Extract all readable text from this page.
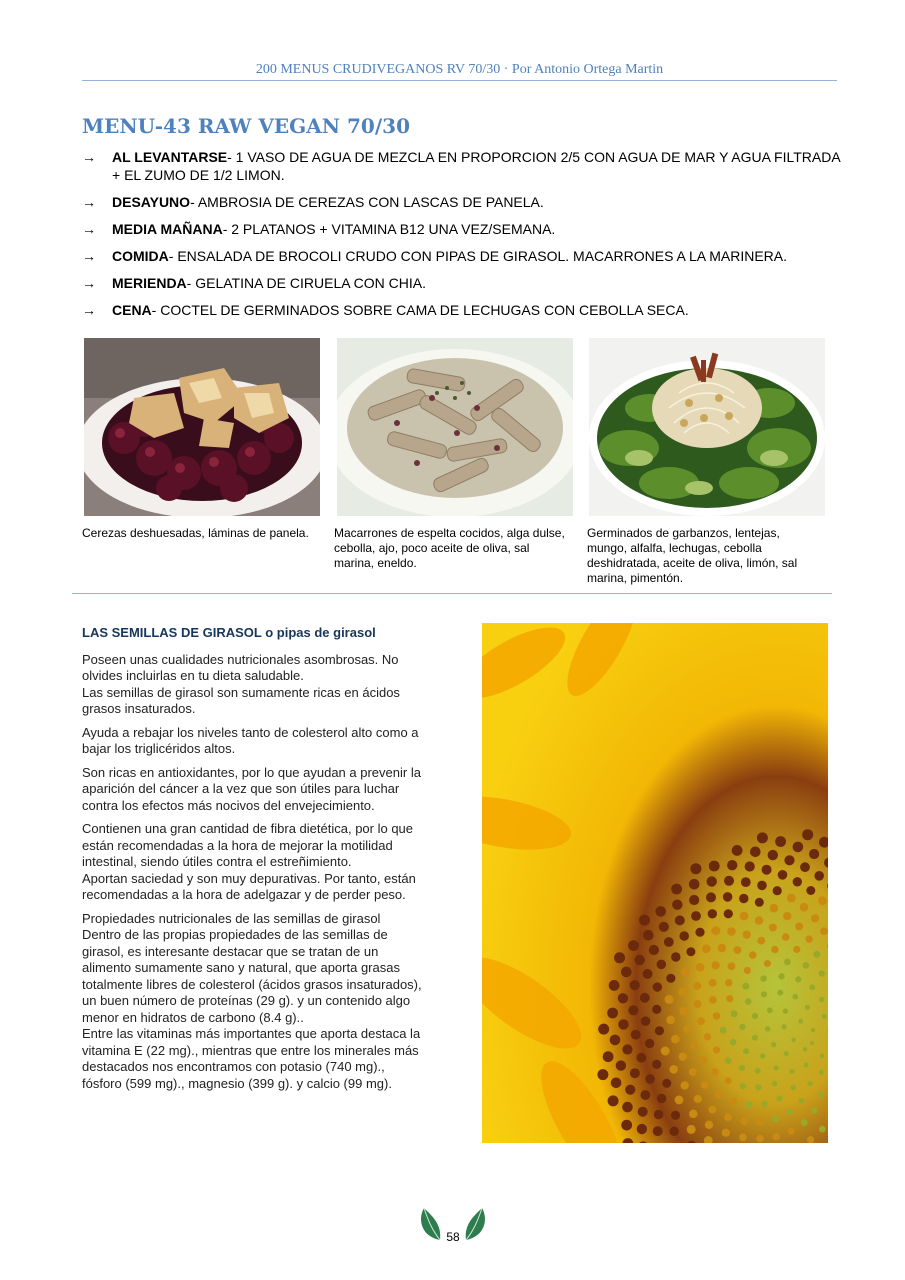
200 MENUS CRUDIVEGANOS RV 70/30 · Por Antonio Ortega Martin
MENU-43 RAW VEGAN 70/30
→ AL LEVANTARSE- 1 VASO DE AGUA DE MEZCLA EN PROPORCION 2/5 CON AGUA DE MAR Y AGUA FILTRADA + EL ZUMO DE 1/2 LIMON.
→ DESAYUNO- AMBROSIA DE CEREZAS CON LASCAS DE PANELA.
→ MEDIA MAÑANA- 2 PLATANOS + VITAMINA B12 UNA VEZ/SEMANA.
→ COMIDA- ENSALADA DE BROCOLI CRUDO CON PIPAS DE GIRASOL. MACARRONES A LA MARINERA.
→ MERIENDA- GELATINA DE CIRUELA CON CHIA.
→ CENA- COCTEL DE GERMINADOS SOBRE CAMA DE LECHUGAS CON CEBOLLA SECA.
Cerezas deshuesadas, láminas de panela.	Macarrones de espelta cocidos, alga dulse, cebolla, ajo, poco aceite de oliva, sal marina, eneldo.
Germinados de garbanzos, lentejas, mungo, alfalfa, lechugas, cebolla deshidratada, aceite de oliva, limón, sal marina, pimentón.
LAS SEMILLAS DE GIRASOL o pipas de girasol

Poseen unas cualidades nutricionales asombrosas. No olvides incluirlas en tu dieta saludable.
Las semillas de girasol son sumamente ricas en ácidos grasos insaturados.

Ayuda a rebajar los niveles tanto de colesterol alto como a bajar los triglicéridos altos.

Son ricas en antioxidantes, por lo que ayudan a prevenir la aparición del cáncer a la vez que son útiles para luchar contra los efectos más nocivos del envejecimiento.

Contienen una gran cantidad de fibra dietética, por lo que están recomendadas a la hora de mejorar la motilidad intestinal, siendo útiles contra el estreñimiento.
Aportan saciedad y son muy depurativas. Por tanto, están recomendadas a la hora de adelgazar y de perder peso.

Propiedades nutricionales de las semillas de girasol
Dentro de las propias propiedades de las semillas de girasol, es interesante destacar que se tratan de un alimento sumamente sano y natural, que aporta grasas totalmente libres de colesterol (ácidos grasos insaturados), un buen número de proteínas (29 g). y un contenido algo menor en hidratos de carbono (8.4 g)..
Entre las vitaminas más importantes que aporta destaca la vitamina E (22 mg)., mientras que entre los minerales más destacados nos encontramos con potasio (740 mg)., fósforo (599 mg)., magnesio (399 g). y calcio (99 mg).

58
